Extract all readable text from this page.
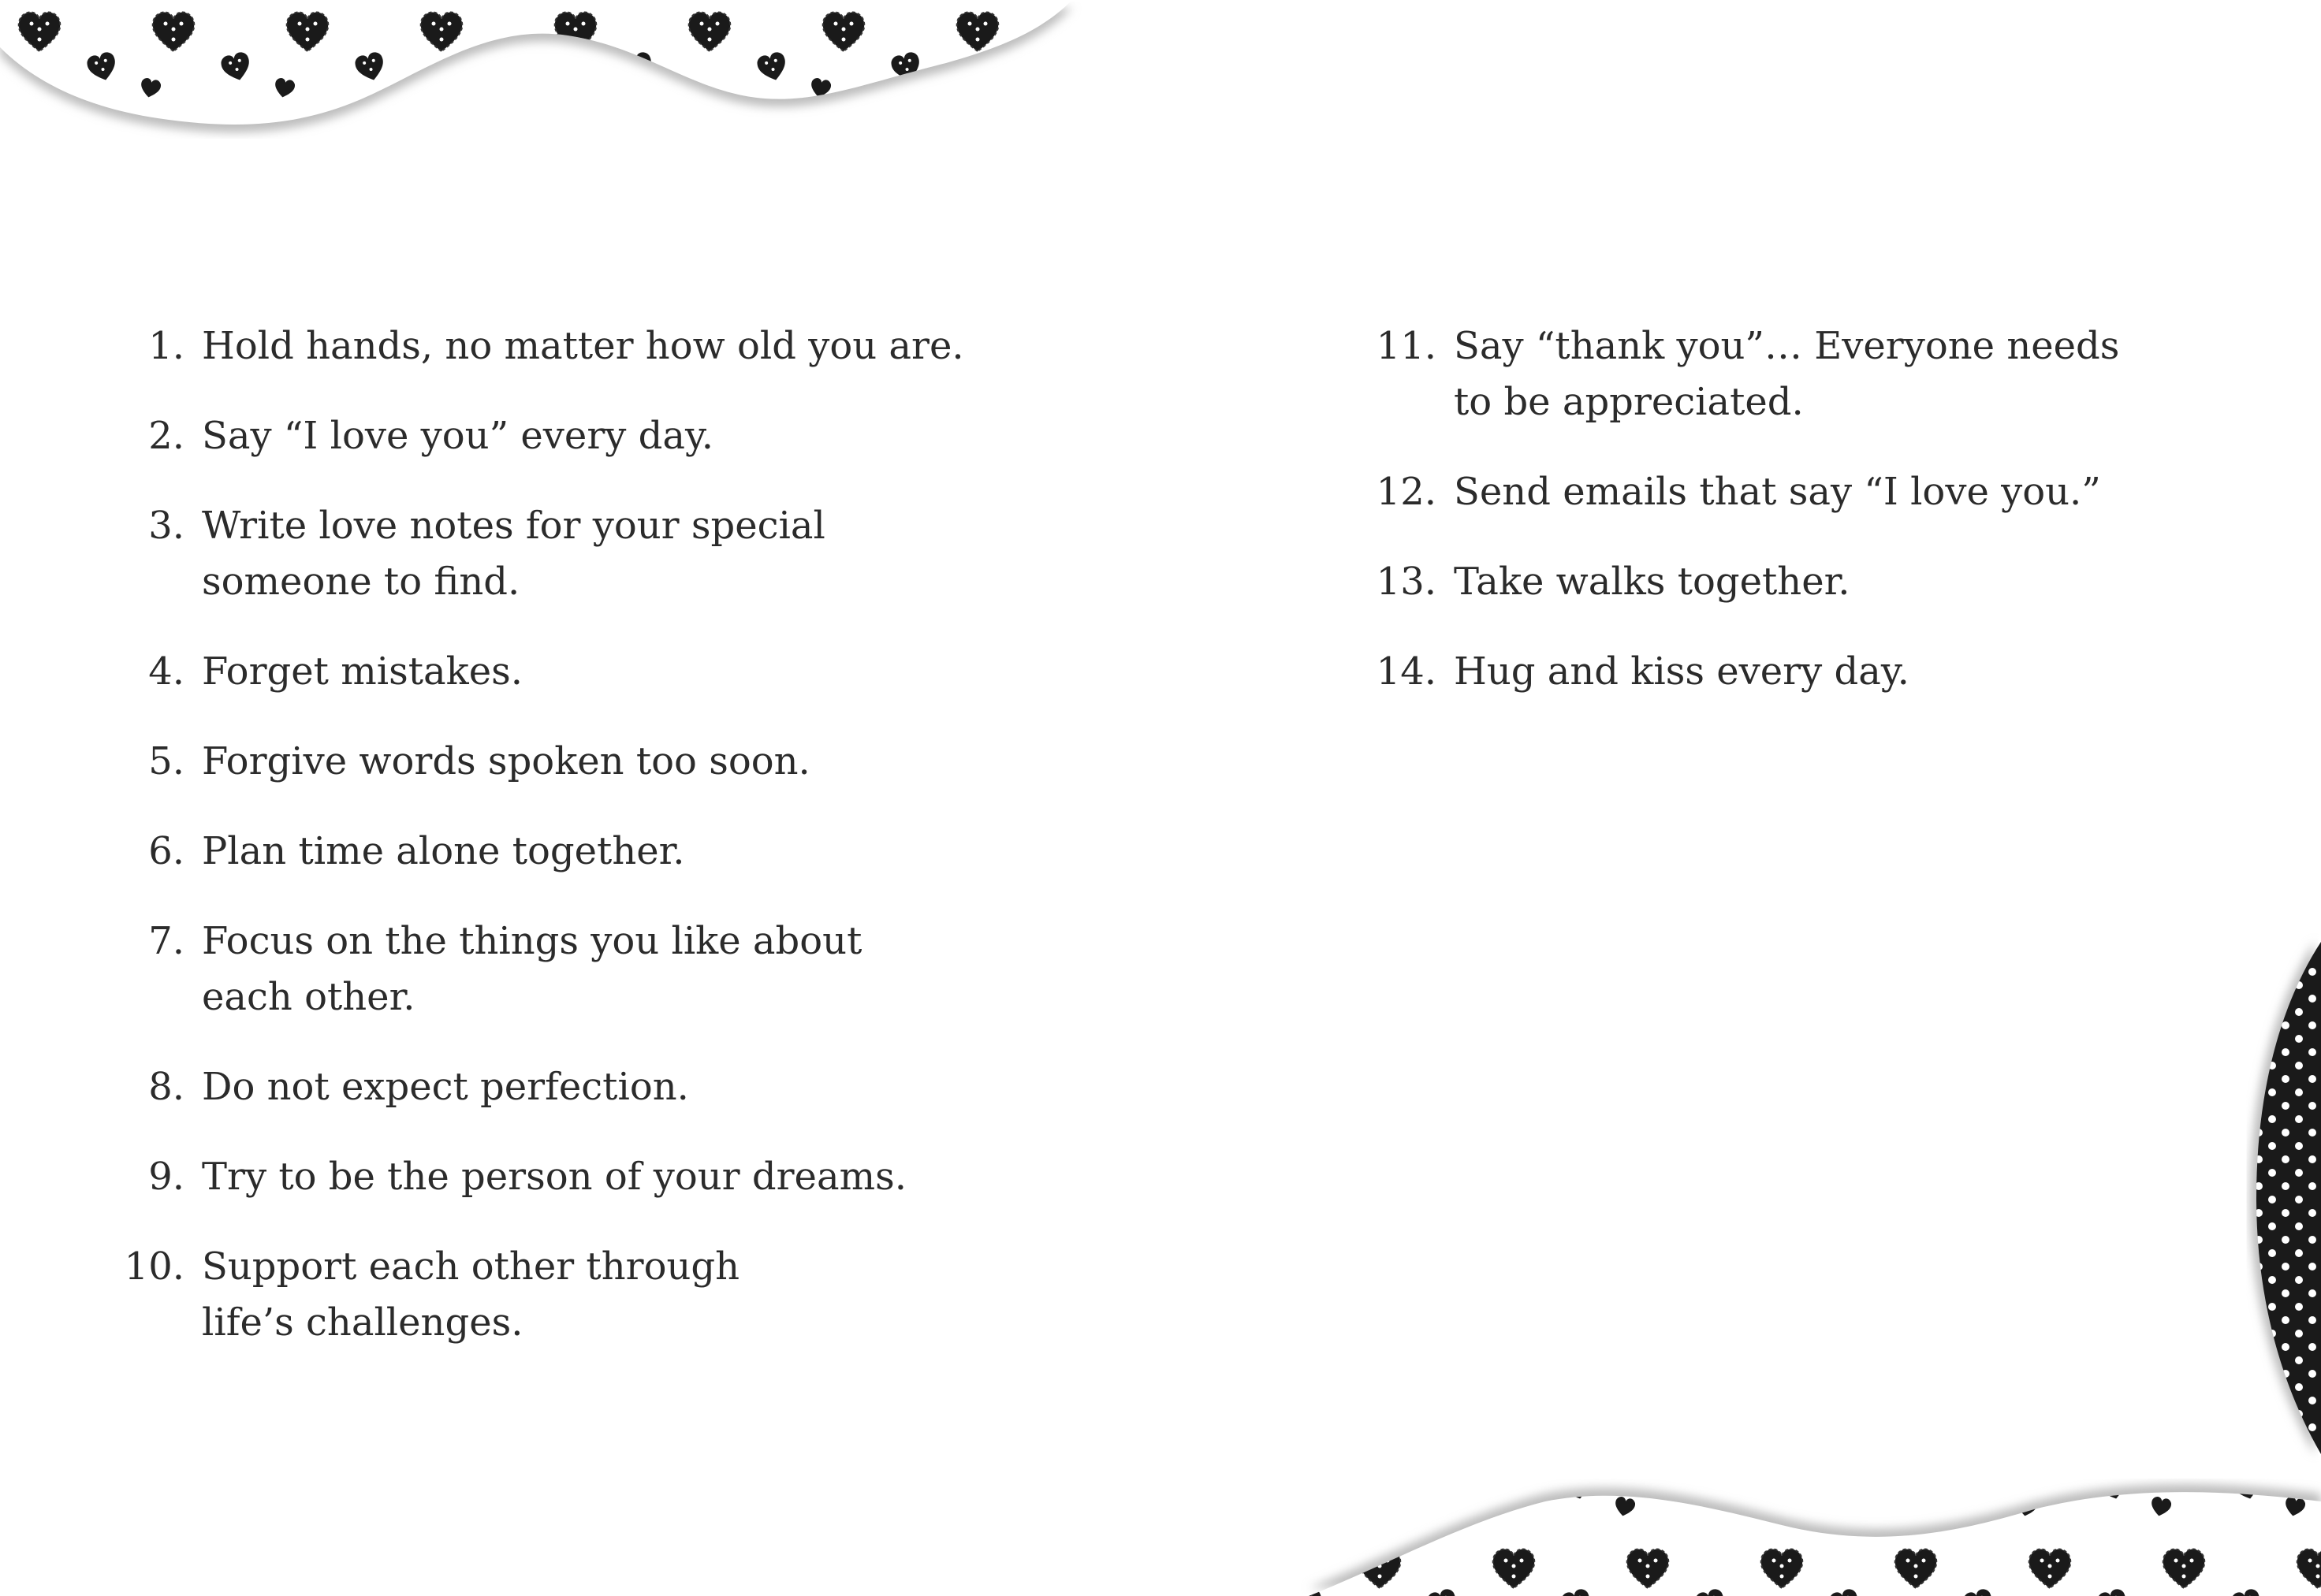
1. Hold hands, no matter how old you are.
2. Say “I love you” every day.
3. Write love notes for your special someone to find.
4. Forget mistakes.
5. Forgive words spoken too soon.
6. Plan time alone together.
7. Focus on the things you like about each other.
8. Do not expect perfection.
9. Try to be the person of your dreams.
10. Support each other through life’s challenges.
11. Say “thank you”… Everyone needs to be appreciated.
12. Send emails that say “I love you.”
13. Take walks together.
14. Hug and kiss every day.
